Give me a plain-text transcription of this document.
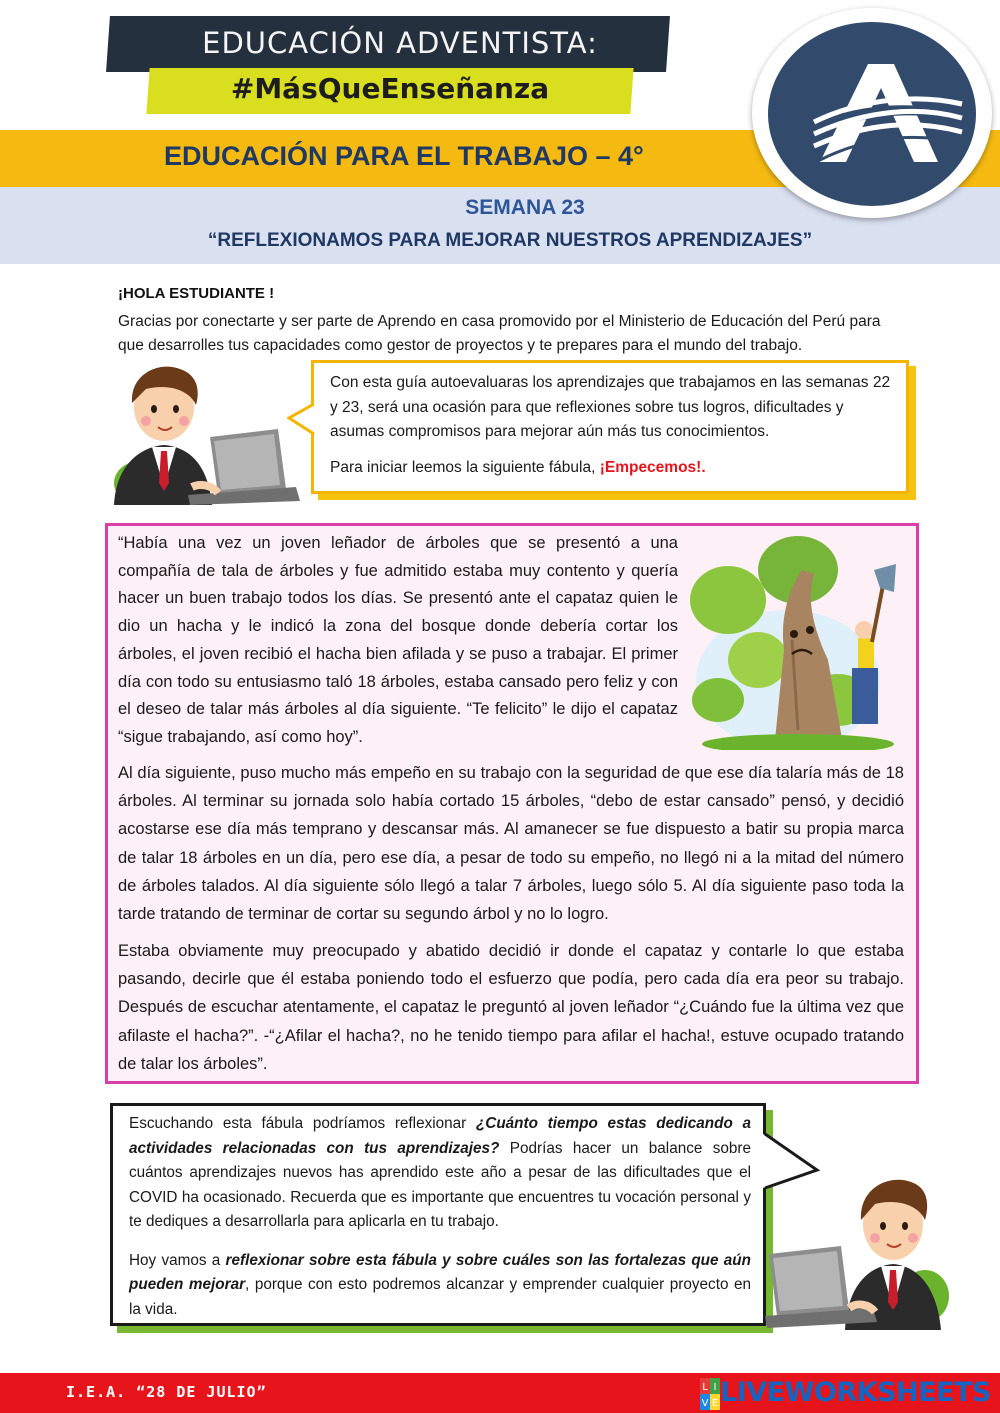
EDUCACIÓN ADVENTISTA:
#MásQueEnseñanza
EDUCACIÓN PARA EL TRABAJO – 4°
SEMANA 23
“REFLEXIONAMOS PARA MEJORAR NUESTROS APRENDIZAJES”
¡HOLA ESTUDIANTE !
Gracias por conectarte y ser parte de Aprendo en casa promovido por el Ministerio de Educación del Perú para que desarrolles tus capacidades como gestor de proyectos y te prepares para el mundo del trabajo.

Con esta guía autoevaluaras los aprendizajes que trabajamos en las semanas 22 y 23, será una ocasión para que reflexiones sobre tus logros, dificultades y asumas compromisos para mejorar aún más tus conocimientos.

Para iniciar leemos la siguiente fábula, ¡Empecemos!.

“Había una vez un joven leñador de árboles que se presentó a una compañía de tala de árboles y fue admitido estaba muy contento y quería hacer un buen trabajo todos los días. Se presentó ante el capataz quien le dio un hacha y le indicó la zona del bosque donde debería cortar los árboles, el joven recibió el hacha bien afilada y se puso a trabajar. El primer día con todo su entusiasmo taló 18 árboles, estaba cansado pero feliz y con el deseo de talar más árboles al día siguiente. “Te felicito” le dijo el capataz “sigue trabajando, así como hoy”.
Al día siguiente, puso mucho más empeño en su trabajo con la seguridad de que ese día talaría más de 18 árboles. Al terminar su jornada solo había cortado 15 árboles, “debo de estar cansado” pensó, y decidió acostarse ese día más temprano y descansar más. Al amanecer se fue dispuesto a batir su propia marca de talar 18 árboles en un día, pero ese día, a pesar de todo su empeño, no llegó ni a la mitad del número de árboles talados. Al día siguiente sólo llegó a talar 7 árboles, luego sólo 5. Al día siguiente paso toda la tarde tratando de terminar de cortar su segundo árbol y no lo logro.
Estaba obviamente muy preocupado y abatido decidió ir donde el capataz y contarle lo que estaba pasando, decirle que él estaba poniendo todo el esfuerzo que podía, pero cada día era peor su trabajo. Después de escuchar atentamente, el capataz le preguntó al joven leñador “¿Cuándo fue la última vez que afilaste el hacha?”. -“¿Afilar el hacha?, no he tenido tiempo para afilar el hacha!, estuve ocupado tratando de talar los árboles”.

Escuchando esta fábula podríamos reflexionar ¿Cuánto tiempo estas dedicando a actividades relacionadas con tus aprendizajes? Podrías hacer un balance sobre cuántos aprendizajes nuevos has aprendido este año a pesar de las dificultades que el COVID ha ocasionado. Recuerda que es importante que encuentres tu vocación personal y te dediques a desarrollarla para aplicarla en tu trabajo.

Hoy vamos a reflexionar sobre esta fábula y sobre cuáles son las fortalezas que aún pueden mejorar, porque con esto podremos alcanzar y emprender cualquier proyecto en la vida.

I.E.A. “28 DE JULIO”	L I
V E LIVEWORKSHEETS
